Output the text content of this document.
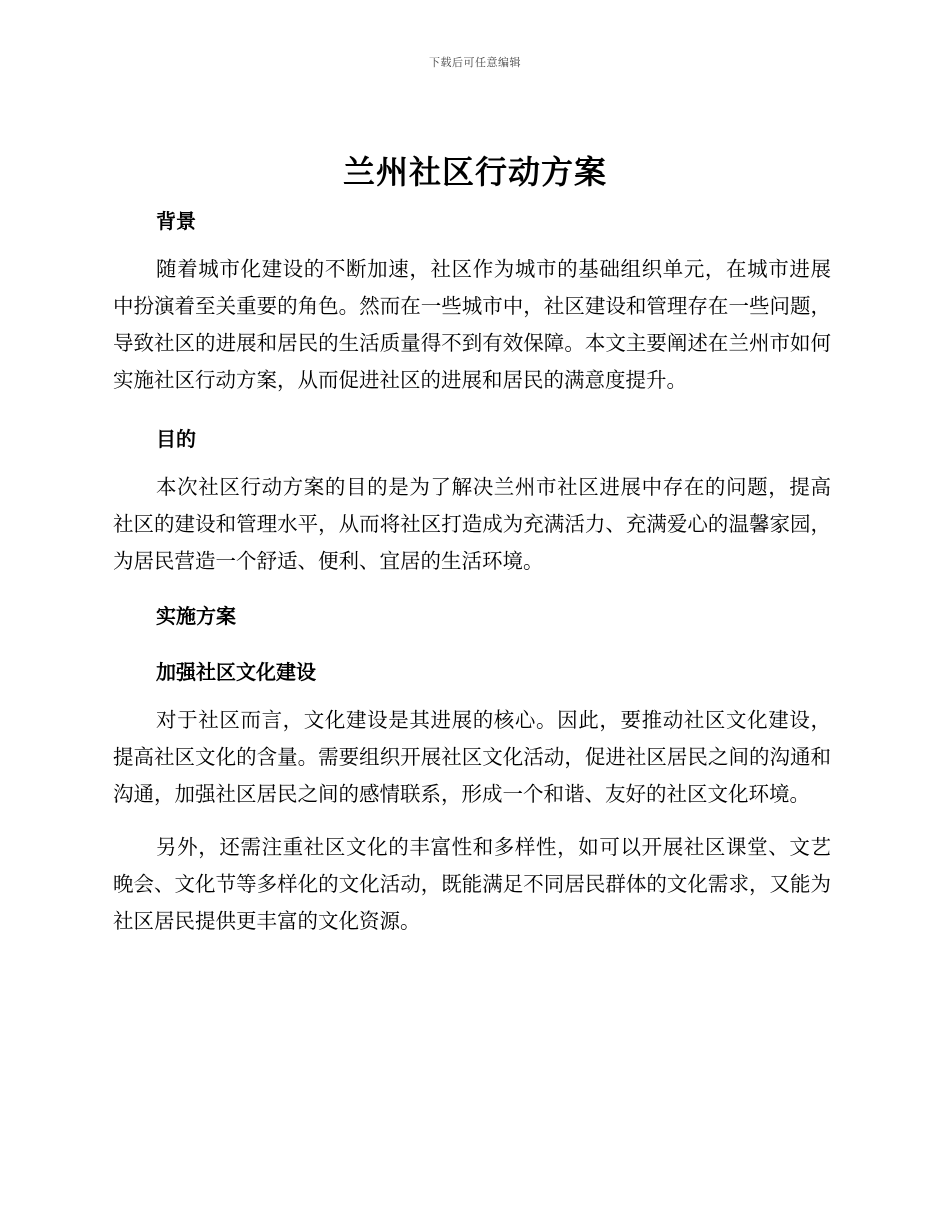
下载后可任意编辑
兰州社区行动方案
背景

随着城市化建设的不断加速，社区作为城市的基础组织单元，在城市进展中扮演着至关重要的角色。然而在一些城市中，社区建设和管理存在一些问题，导致社区的进展和居民的生活质量得不到有效保障。本文主要阐述在兰州市如何实施社区行动方案，从而促进社区的进展和居民的满意度提升。

目的

本次社区行动方案的目的是为了解决兰州市社区进展中存在的问题，提高社区的建设和管理水平，从而将社区打造成为充满活力、充满爱心的温馨家园，为居民营造一个舒适、便利、宜居的生活环境。

实施方案
加强社区文化建设

对于社区而言，文化建设是其进展的核心。因此，要推动社区文化建设，提高社区文化的含量。需要组织开展社区文化活动，促进社区居民之间的沟通和沟通，加强社区居民之间的感情联系，形成一个和谐、友好的社区文化环境。

另外，还需注重社区文化的丰富性和多样性，如可以开展社区课堂、文艺晚会、文化节等多样化的文化活动，既能满足不同居民群体的文化需求，又能为社区居民提供更丰富的文化资源。
